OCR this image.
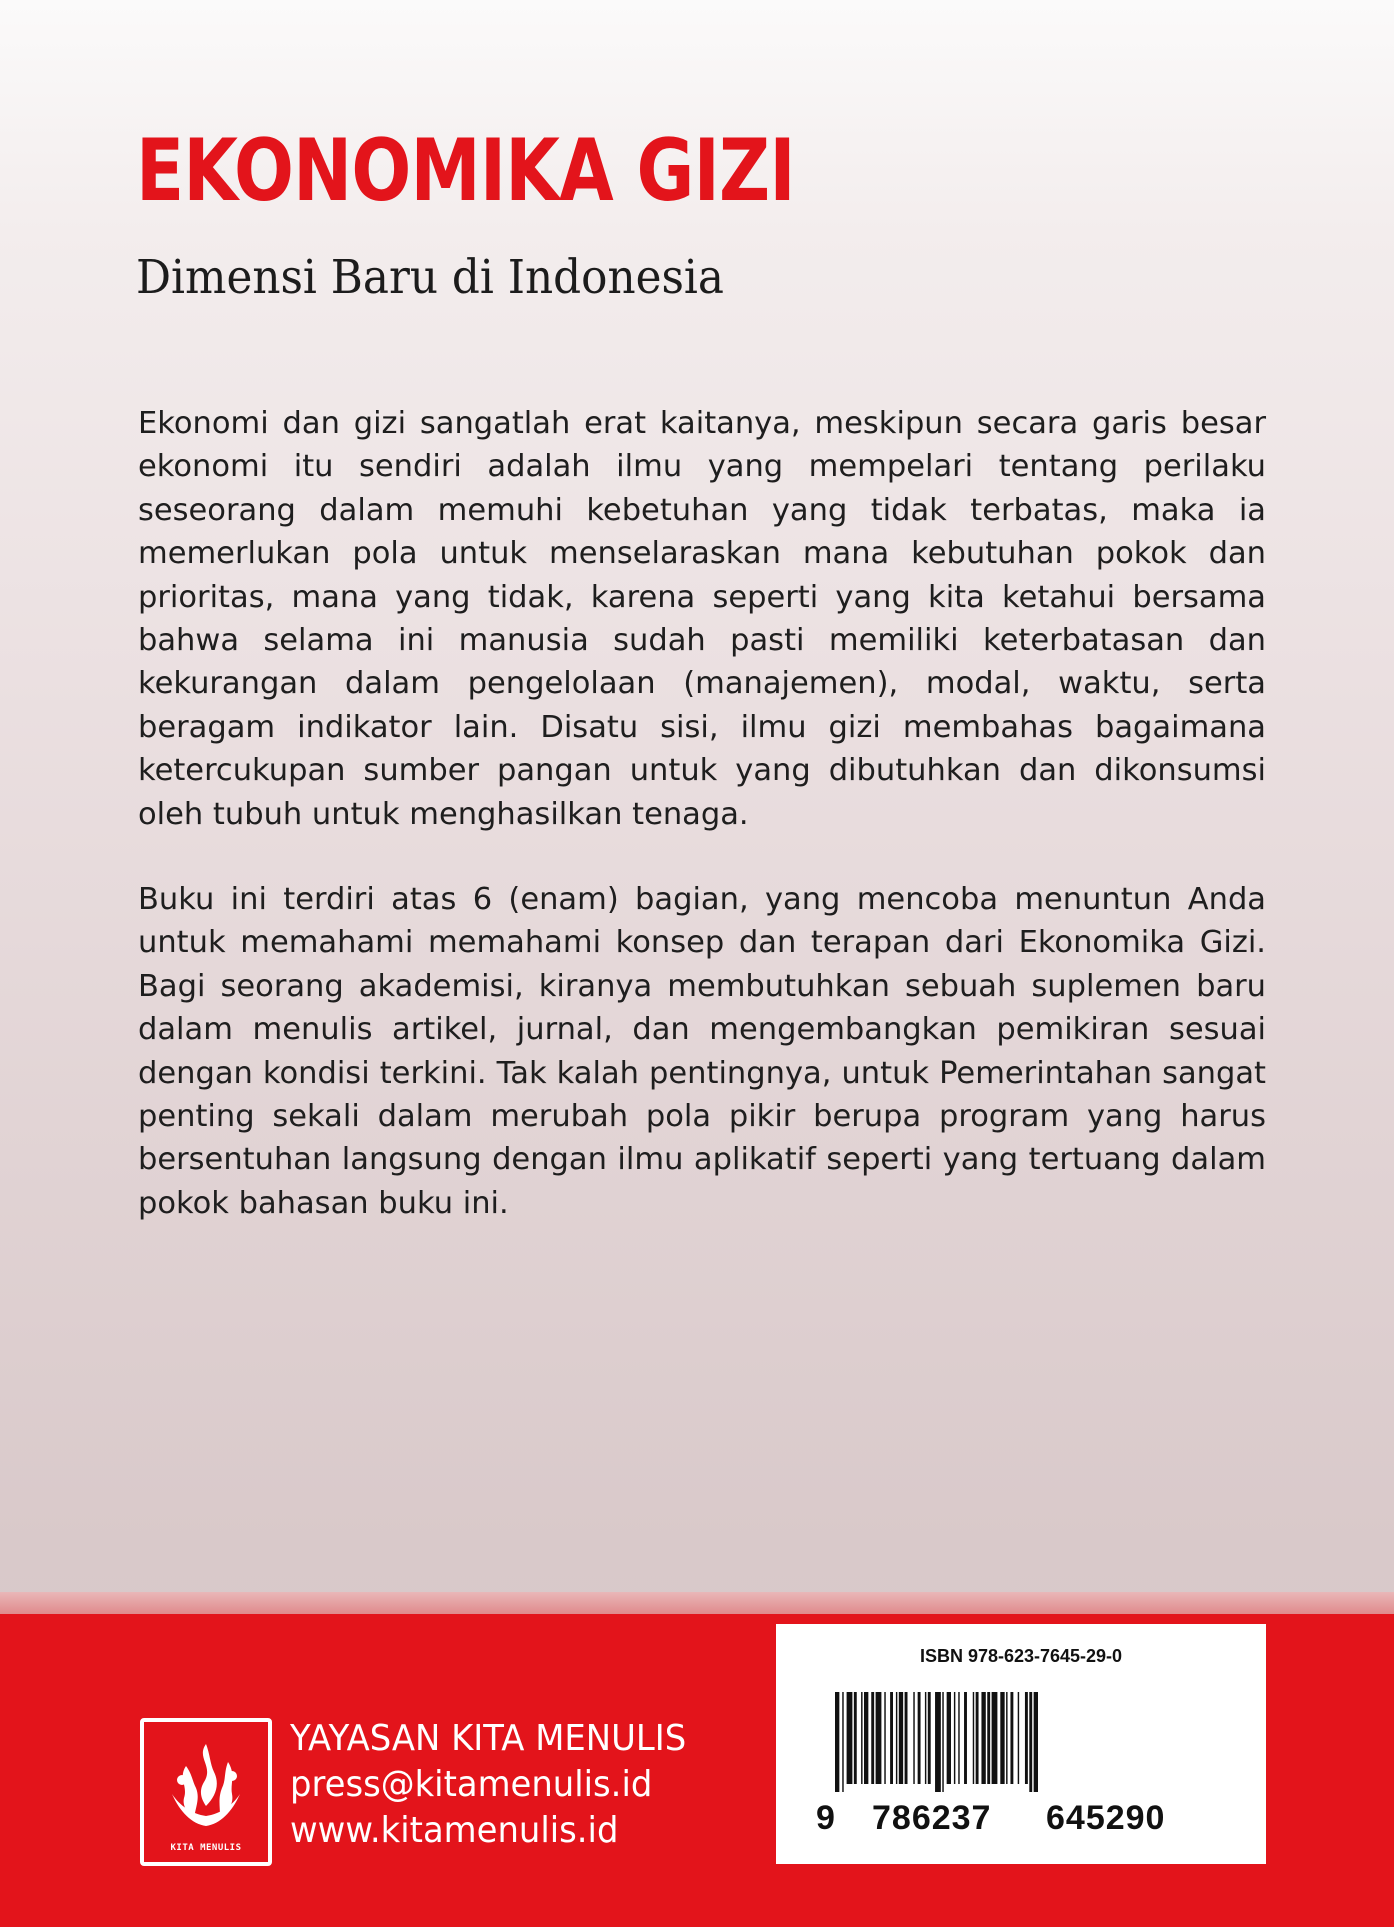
EKONOMIKA GIZI
Dimensi Baru di Indonesia

Ekonomi dan gizi sangatlah erat kaitanya, meskipun secara garis besar ekonomi itu sendiri adalah ilmu yang mempelari tentang perilaku seseorang dalam memuhi kebetuhan yang tidak terbatas, maka ia memerlukan pola untuk menselaraskan mana kebutuhan pokok dan prioritas, mana yang tidak, karena seperti yang kita ketahui bersama bahwa selama ini manusia sudah pasti memiliki keterbatasan dan kekurangan dalam pengelolaan (manajemen), modal, waktu, serta beragam indikator lain. Disatu sisi, ilmu gizi membahas bagaimana ketercukupan sumber pangan untuk yang dibutuhkan dan dikonsumsi oleh tubuh untuk menghasilkan tenaga.

Buku ini terdiri atas 6 (enam) bagian, yang mencoba menuntun Anda untuk memahami memahami konsep dan terapan dari Ekonomika Gizi. Bagi seorang akademisi, kiranya membutuhkan sebuah suplemen baru dalam menulis artikel, jurnal, dan mengembangkan pemikiran sesuai dengan kondisi terkini. Tak kalah pentingnya, untuk Pemerintahan sangat penting sekali dalam merubah pola pikir berupa program yang harus bersentuhan langsung dengan ilmu aplikatif seperti yang tertuang dalam pokok bahasan buku ini.

KITA MENULIS
YAYASAN KITA MENULIS
press@kitamenulis.id
www.kitamenulis.id
ISBN 978-623-7645-29-0
9 786237 645290
